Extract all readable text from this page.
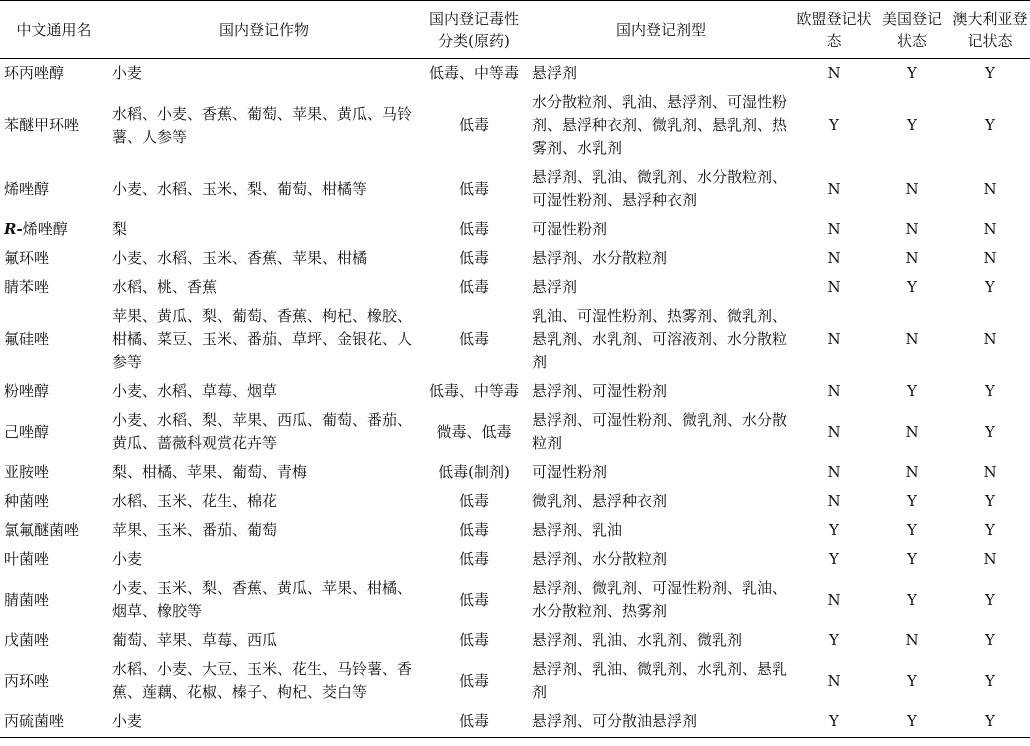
中文通用名	国内登记作物	国内登记毒性分类(原药)	国内登记剂型	欧盟登记状态	美国登记状态	澳大利亚登记状态
环丙唑醇	小麦	低毒、中等毒	悬浮剂	N	Y	Y
苯醚甲环唑	水稻、小麦、香蕉、葡萄、苹果、黄瓜、马铃薯、人参等	低毒	水分散粒剂、乳油、悬浮剂、可湿性粉剂、悬浮种衣剂、微乳剂、悬乳剂、热雾剂、水乳剂	Y	Y	Y
烯唑醇	小麦、水稻、玉米、梨、葡萄、柑橘等	低毒	悬浮剂、乳油、微乳剂、水分散粒剂、可湿性粉剂、悬浮种衣剂	N	N	N
R-烯唑醇	梨	低毒	可湿性粉剂	N	N	N
氟环唑	小麦、水稻、玉米、香蕉、苹果、柑橘	低毒	悬浮剂、水分散粒剂	N	N	N
腈苯唑	水稻、桃、香蕉	低毒	悬浮剂	N	Y	Y
氟硅唑	苹果、黄瓜、梨、葡萄、香蕉、枸杞、橡胶、柑橘、菜豆、玉米、番茄、草坪、金银花、人参等	低毒	乳油、可湿性粉剂、热雾剂、微乳剂、悬乳剂、水乳剂、可溶液剂、水分散粒剂	N	N	N
粉唑醇	小麦、水稻、草莓、烟草	低毒、中等毒	悬浮剂、可湿性粉剂	N	Y	Y
己唑醇	小麦、水稻、梨、苹果、西瓜、葡萄、番茄、黄瓜、蔷薇科观赏花卉等	微毒、低毒	悬浮剂、可湿性粉剂、微乳剂、水分散粒剂	N	N	Y
亚胺唑	梨、柑橘、苹果、葡萄、青梅	低毒(制剂)	可湿性粉剂	N	N	N
种菌唑	水稻、玉米、花生、棉花	低毒	微乳剂、悬浮种衣剂	N	Y	Y
氯氟醚菌唑	苹果、玉米、番茄、葡萄	低毒	悬浮剂、乳油	Y	Y	Y
叶菌唑	小麦	低毒	悬浮剂、水分散粒剂	Y	Y	N
腈菌唑	小麦、玉米、梨、香蕉、黄瓜、苹果、柑橘、烟草、橡胶等	低毒	悬浮剂、微乳剂、可湿性粉剂、乳油、水分散粒剂、热雾剂	N	Y	Y
戊菌唑	葡萄、苹果、草莓、西瓜	低毒	悬浮剂、乳油、水乳剂、微乳剂	Y	N	Y
丙环唑	水稻、小麦、大豆、玉米、花生、马铃薯、香蕉、莲藕、花椒、榛子、枸杞、茭白等	低毒	悬浮剂、乳油、微乳剂、水乳剂、悬乳剂	N	Y	Y
丙硫菌唑	小麦	低毒	悬浮剂、可分散油悬浮剂	Y	Y	Y
